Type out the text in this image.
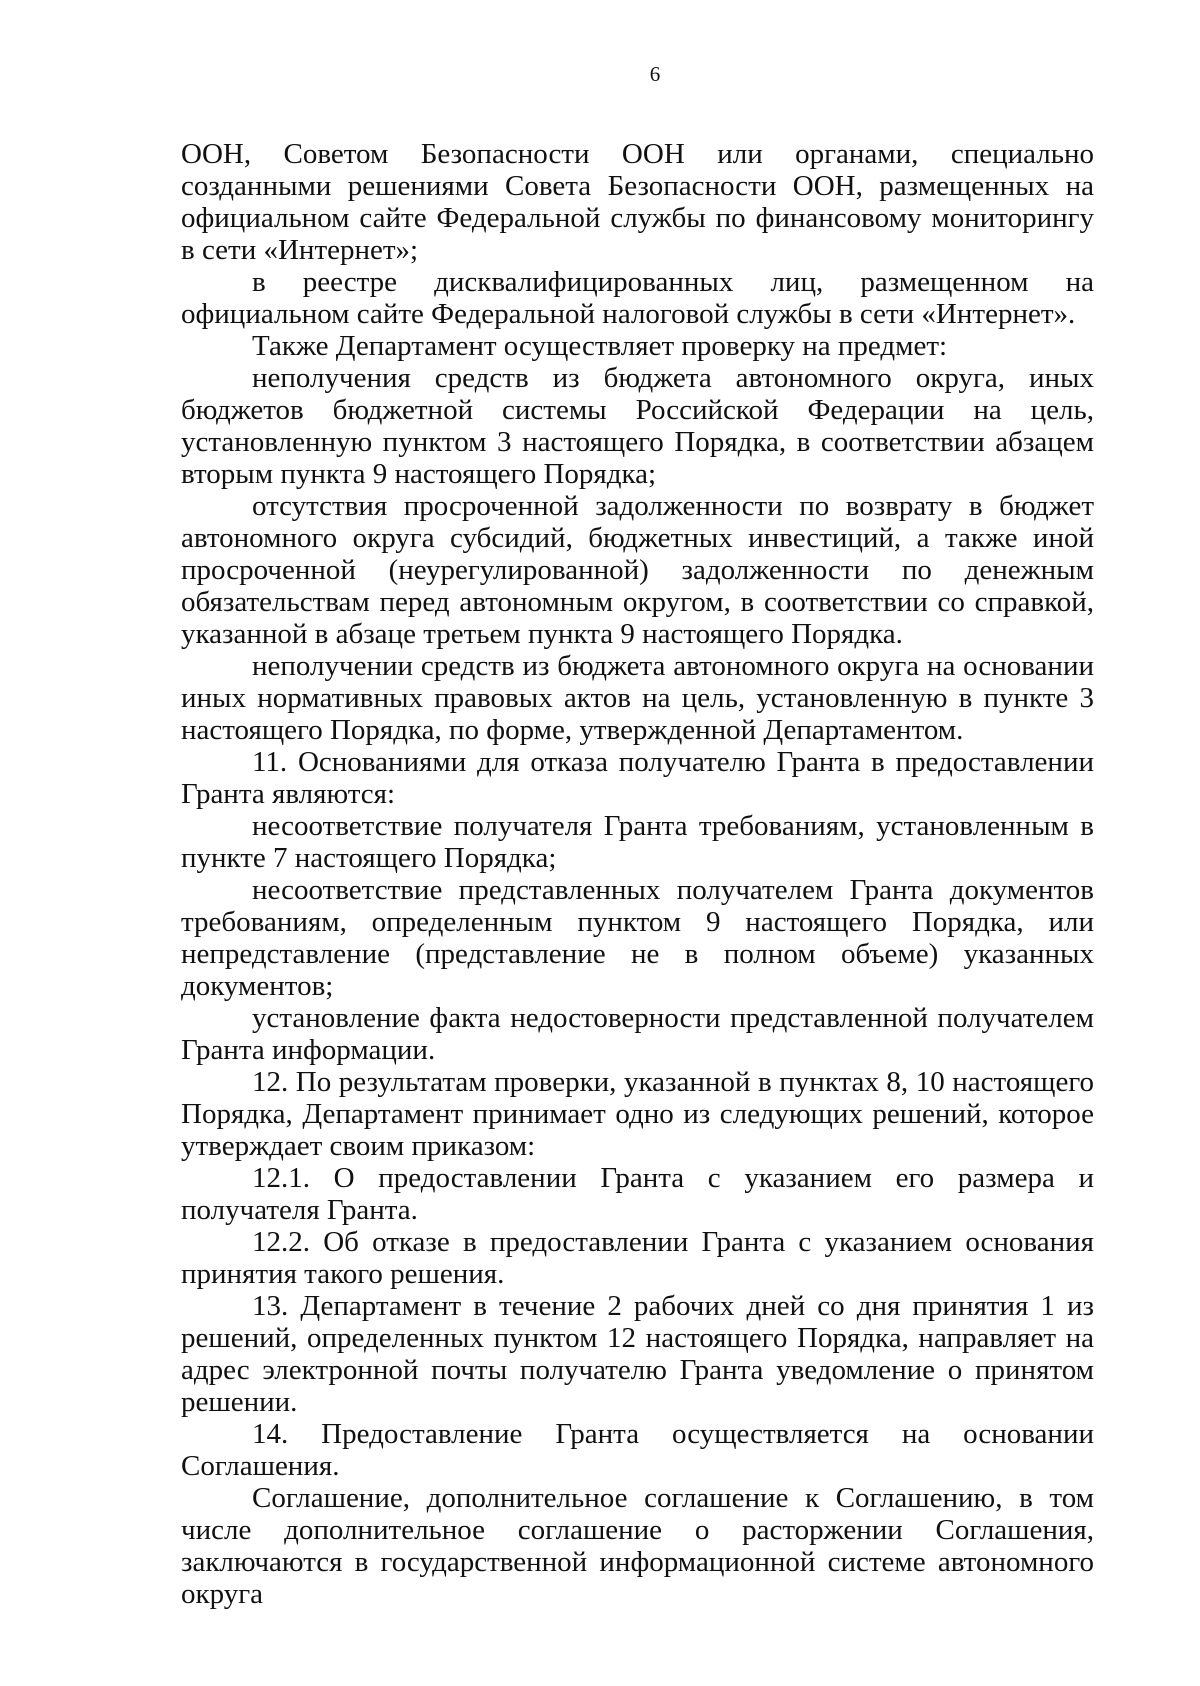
6

ООН, Советом Безопасности ООН или органами, специально созданными решениями Совета Безопасности ООН, размещенных на официальном сайте Федеральной службы по финансовому мониторингу в сети «Интернет»;

в реестре дисквалифицированных лиц, размещенном на официальном сайте Федеральной налоговой службы в сети «Интернет».

Также Департамент осуществляет проверку на предмет:

неполучения средств из бюджета автономного округа, иных бюджетов бюджетной системы Российской Федерации на цель, установленную пунктом 3 настоящего Порядка, в соответствии абзацем вторым пункта 9 настоящего Порядка;

отсутствия просроченной задолженности по возврату в бюджет автономного округа субсидий, бюджетных инвестиций, а также иной просроченной (неурегулированной) задолженности по денежным обязательствам перед автономным округом, в соответствии со справкой, указанной в абзаце третьем пункта 9 настоящего Порядка.

неполучении средств из бюджета автономного округа на основании иных нормативных правовых актов на цель, установленную в пункте 3 настоящего Порядка, по форме, утвержденной Департаментом.

11. Основаниями для отказа получателю Гранта в предоставлении Гранта являются:

несоответствие получателя Гранта требованиям, установленным в пункте 7 настоящего Порядка;

несоответствие представленных получателем Гранта документов требованиям, определенным пунктом 9 настоящего Порядка, или непредставление (представление не в полном объеме) указанных документов;

установление факта недостоверности представленной получателем Гранта информации.

12. По результатам проверки, указанной в пунктах 8, 10 настоящего Порядка, Департамент принимает одно из следующих решений, которое утверждает своим приказом:

12.1. О предоставлении Гранта с указанием его размера и получателя Гранта.

12.2. Об отказе в предоставлении Гранта с указанием основания принятия такого решения.

13. Департамент в течение 2 рабочих дней со дня принятия 1 из решений, определенных пунктом 12 настоящего Порядка, направляет на адрес электронной почты получателю Гранта уведомление о принятом решении.

14. Предоставление Гранта осуществляется на основании Соглашения.

Соглашение, дополнительное соглашение к Соглашению, в том числе дополнительное соглашение о расторжении Соглашения, заключаются в государственной информационной системе автономного округа
